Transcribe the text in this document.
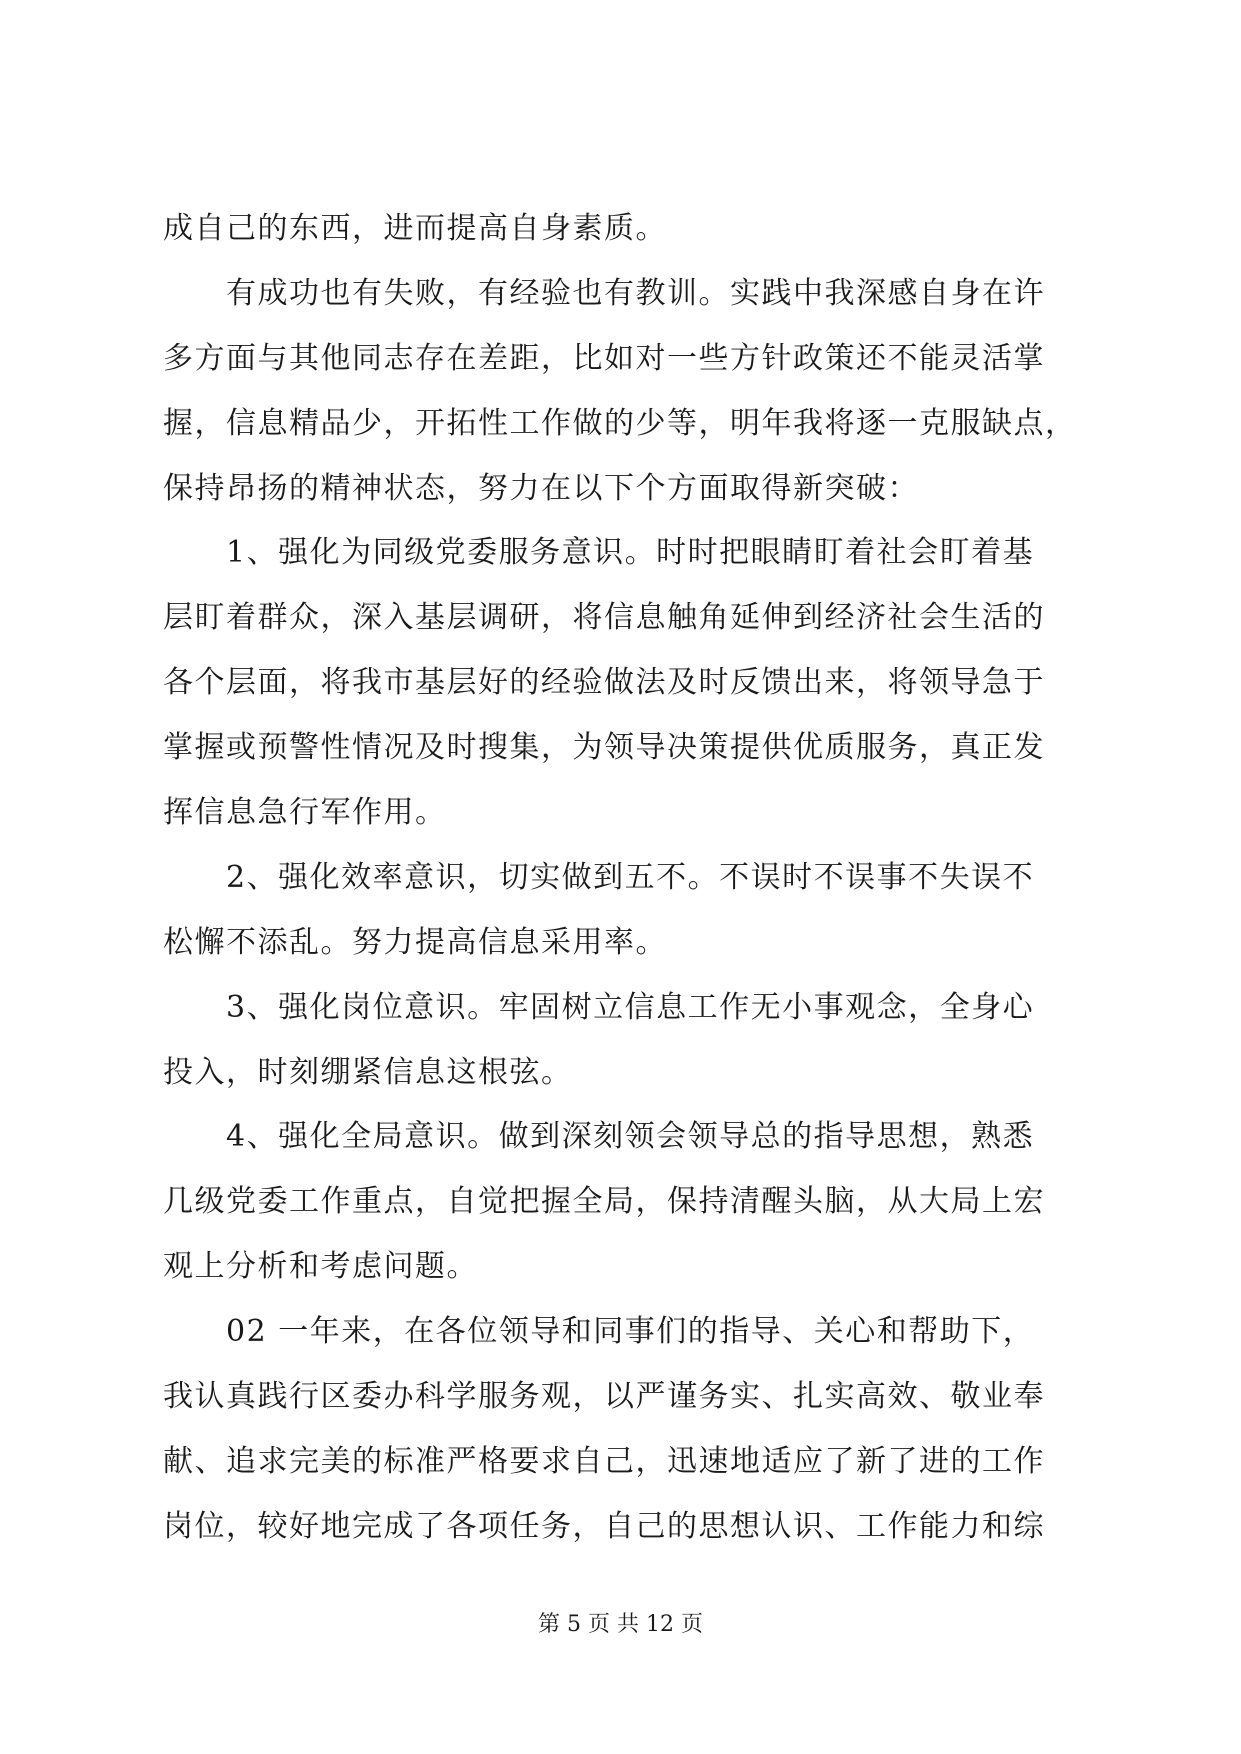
成自己的东西，进而提高自身素质。
　　有成功也有失败，有经验也有教训。实践中我深感自身在许
多方面与其他同志存在差距，比如对一些方针政策还不能灵活掌
握，信息精品少，开拓性工作做的少等，明年我将逐一克服缺点，
保持昂扬的精神状态，努力在以下个方面取得新突破：
　　1、强化为同级党委服务意识。时时把眼睛盯着社会盯着基
层盯着群众，深入基层调研，将信息触角延伸到经济社会生活的
各个层面，将我市基层好的经验做法及时反馈出来，将领导急于
掌握或预警性情况及时搜集，为领导决策提供优质服务，真正发
挥信息急行军作用。
　　2、强化效率意识，切实做到五不。不误时不误事不失误不
松懈不添乱。努力提高信息采用率。
　　3、强化岗位意识。牢固树立信息工作无小事观念，全身心
投入，时刻绷紧信息这根弦。
　　4、强化全局意识。做到深刻领会领导总的指导思想，熟悉
几级党委工作重点，自觉把握全局，保持清醒头脑，从大局上宏
观上分析和考虑问题。
　　02 一年来，在各位领导和同事们的指导、关心和帮助下，
我认真践行区委办科学服务观，以严谨务实、扎实高效、敬业奉
献、追求完美的标准严格要求自己，迅速地适应了新了进的工作
岗位，较好地完成了各项任务，自己的思想认识、工作能力和综
第 5 页 共 12 页
